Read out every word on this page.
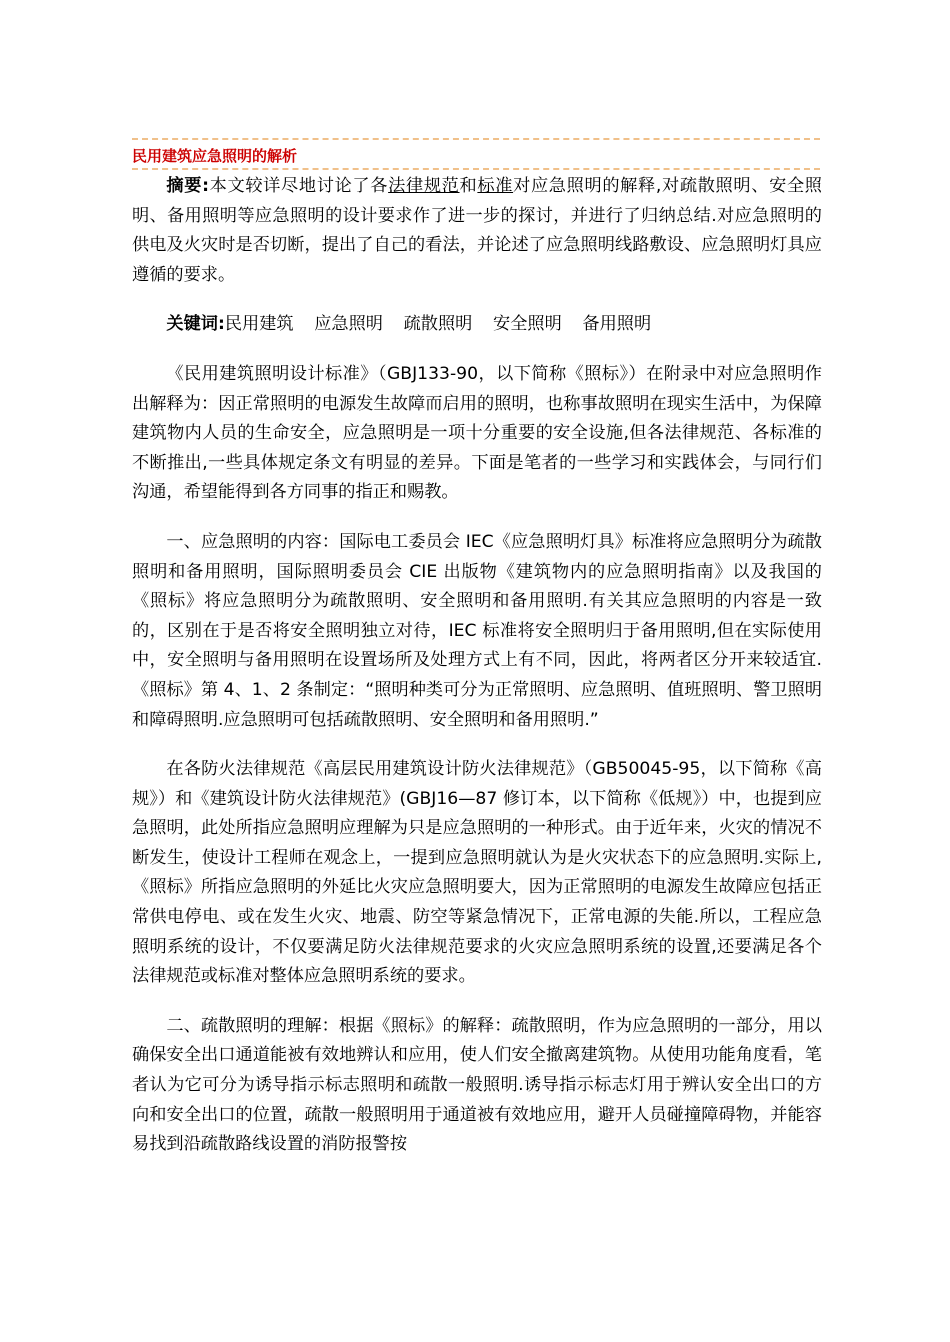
民用建筑应急照明的解析

摘要:本文较详尽地讨论了各法律规范和标准对应急照明的解释,对疏散照明、安全照明、备用照明等应急照明的设计要求作了进一步的探讨，并进行了归纳总结.对应急照明的供电及火灾时是否切断，提出了自己的看法，并论述了应急照明线路敷设、应急照明灯具应遵循的要求。

关键词:民用建筑 应急照明 疏散照明 安全照明 备用照明

《民用建筑照明设计标准》（GBJ133-90，以下简称《照标》）在附录中对应急照明作出解释为：因正常照明的电源发生故障而启用的照明，也称事故照明在现实生活中，为保障建筑物内人员的生命安全，应急照明是一项十分重要的安全设施,但各法律规范、各标准的不断推出,一些具体规定条文有明显的差异。下面是笔者的一些学习和实践体会，与同行们沟通，希望能得到各方同事的指正和赐教。

一、应急照明的内容：国际电工委员会 IEC《应急照明灯具》标准将应急照明分为疏散照明和备用照明，国际照明委员会 CIE 出版物《建筑物内的应急照明指南》以及我国的《照标》将应急照明分为疏散照明、安全照明和备用照明.有关其应急照明的内容是一致的，区别在于是否将安全照明独立对待，IEC 标准将安全照明归于备用照明,但在实际使用中，安全照明与备用照明在设置场所及处理方式上有不同，因此，将两者区分开来较适宜.《照标》第 4、1、2 条制定：“照明种类可分为正常照明、应急照明、值班照明、警卫照明和障碍照明.应急照明可包括疏散照明、安全照明和备用照明.”

在各防火法律规范《高层民用建筑设计防火法律规范》（GB50045-95，以下简称《高规》）和《建筑设计防火法律规范》(GBJ16—87 修订本，以下简称《低规》）中，也提到应急照明，此处所指应急照明应理解为只是应急照明的一种形式。由于近年来，火灾的情况不断发生，使设计工程师在观念上，一提到应急照明就认为是火灾状态下的应急照明.实际上,《照标》所指应急照明的外延比火灾应急照明要大，因为正常照明的电源发生故障应包括正常供电停电、或在发生火灾、地震、防空等紧急情况下，正常电源的失能.所以，工程应急照明系统的设计，不仅要满足防火法律规范要求的火灾应急照明系统的设置,还要满足各个法律规范或标准对整体应急照明系统的要求。

二、疏散照明的理解：根据《照标》的解释：疏散照明，作为应急照明的一部分，用以确保安全出口通道能被有效地辨认和应用，使人们安全撤离建筑物。从使用功能角度看，笔者认为它可分为诱导指示标志照明和疏散一般照明.诱导指示标志灯用于辨认安全出口的方向和安全出口的位置，疏散一般照明用于通道被有效地应用，避开人员碰撞障碍物，并能容易找到沿疏散路线设置的消防报警按
